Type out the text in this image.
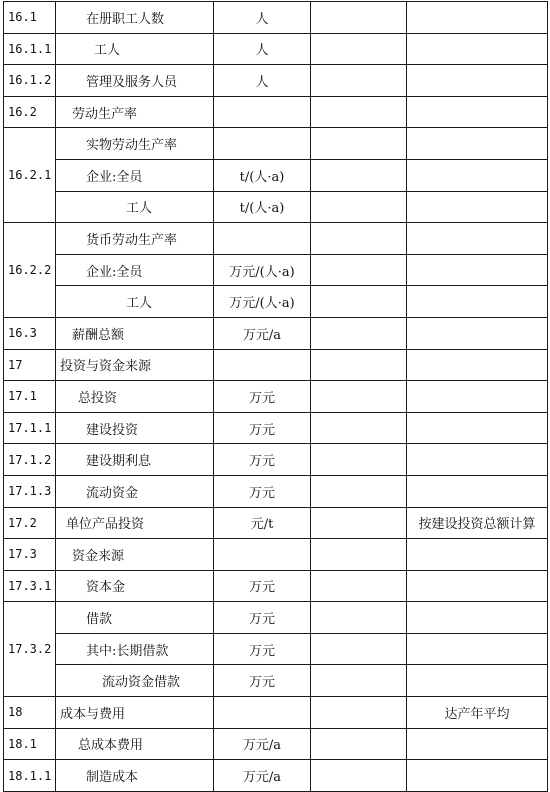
16.1	在册职工人数	人		
16.1.1	工人	人		
16.1.2	管理及服务人员	人		
16.2	劳动生产率			
16.2.1	实物劳动生产率			
	企业:全员	t/(人·a)		
	工人	t/(人·a)		
16.2.2	货币劳动生产率			
	企业:全员	万元/(人·a)		
	工人	万元/(人·a)		
16.3	薪酬总额	万元/a		
17	投资与资金来源			
17.1	总投资	万元		
17.1.1	建设投资	万元		
17.1.2	建设期利息	万元		
17.1.3	流动资金	万元		
17.2	单位产品投资	元/t		按建设投资总额计算
17.3	资金来源			
17.3.1	资本金	万元		
17.3.2	借款	万元		
	其中:长期借款	万元		
	流动资金借款	万元		
18	成本与费用			达产年平均
18.1	总成本费用	万元/a		
18.1.1	制造成本	万元/a		
